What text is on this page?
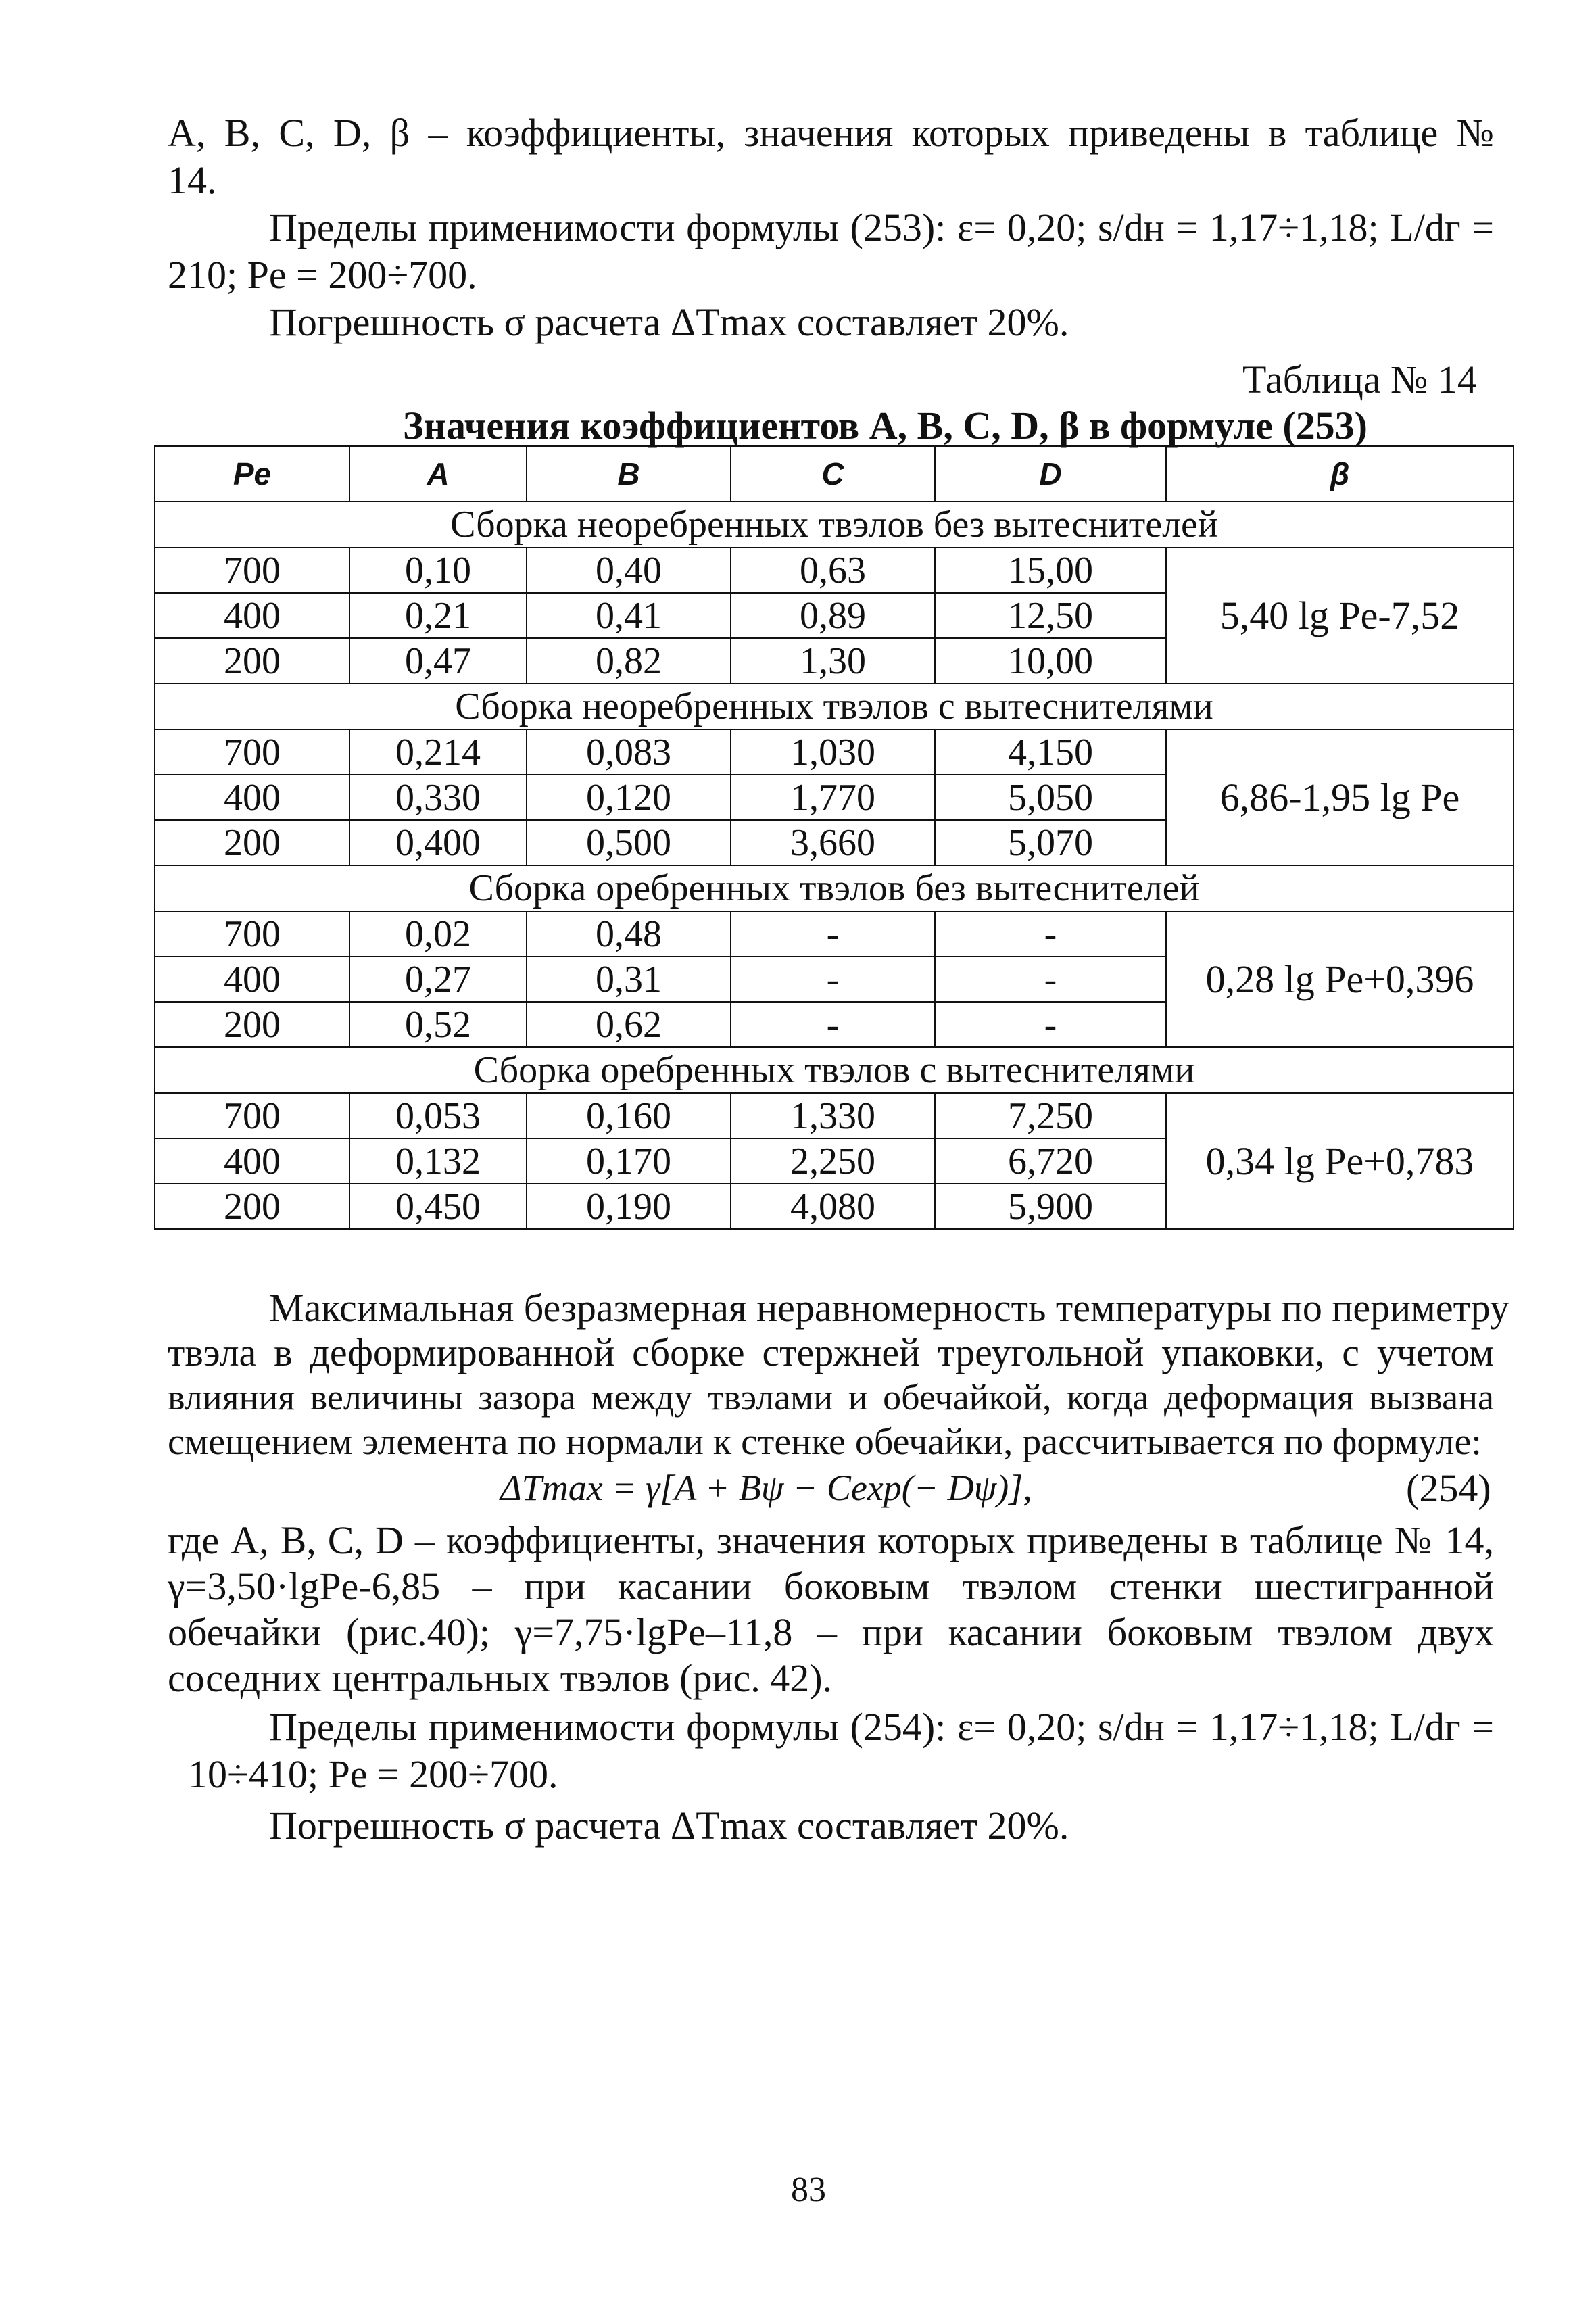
A, B, C, D, β – коэффициенты, значения которых приведены в таблице №
14.
Пределы применимости формулы (253): ε= 0,20; s/dн = 1,17÷1,18; L/dг =
210; Pe = 200÷700.
Погрешность σ расчета ΔTmax составляет 20%.
Таблица № 14
Значения коэффициентов A, B, C, D, β в формуле (253)
Pe	A	B	C	D	β
Сборка неоребренных твэлов без вытеснителей					
700	0,10	0,40	0,63	15,00	5,40 lg Pe-7,52
400	0,21	0,41	0,89	12,50	
200	0,47	0,82	1,30	10,00	
Сборка неоребренных твэлов с вытеснителями					
700	0,214	0,083	1,030	4,150	6,86-1,95 lg Pe
400	0,330	0,120	1,770	5,050	
200	0,400	0,500	3,660	5,070	
Сборка оребренных твэлов без вытеснителей					
700	0,02	0,48	-	-	0,28 lg Pe+0,396
400	0,27	0,31	-	-	
200	0,52	0,62	-	-	
Сборка оребренных твэлов с вытеснителями					
700	0,053	0,160	1,330	7,250	0,34 lg Pe+0,783
400	0,132	0,170	2,250	6,720	
200	0,450	0,190	4,080	5,900	
Максимальная безразмерная неравномерность температуры по периметру
твэла в деформированной сборке стержней треугольной упаковки, с учетом
влияния величины зазора между твэлами и обечайкой, когда деформация вызвана
смещением элемента по нормали к стенке обечайки, рассчитывается по формуле:
ΔTmax = γ[A + Bψ − Cexp(− Dψ)],	(254)
где A, B, C, D – коэффициенты, значения которых приведены в таблице № 14,
γ=3,50·lgPe-6,85 – при касании боковым твэлом стенки шестигранной
обечайки (рис.40); γ=7,75·lgPe–11,8 – при касании боковым твэлом двух
соседних центральных твэлов (рис. 42).
Пределы применимости формулы (254): ε= 0,20; s/dн = 1,17÷1,18; L/dг =
10÷410; Pe = 200÷700.
Погрешность σ расчета ΔTmax составляет 20%.
83
